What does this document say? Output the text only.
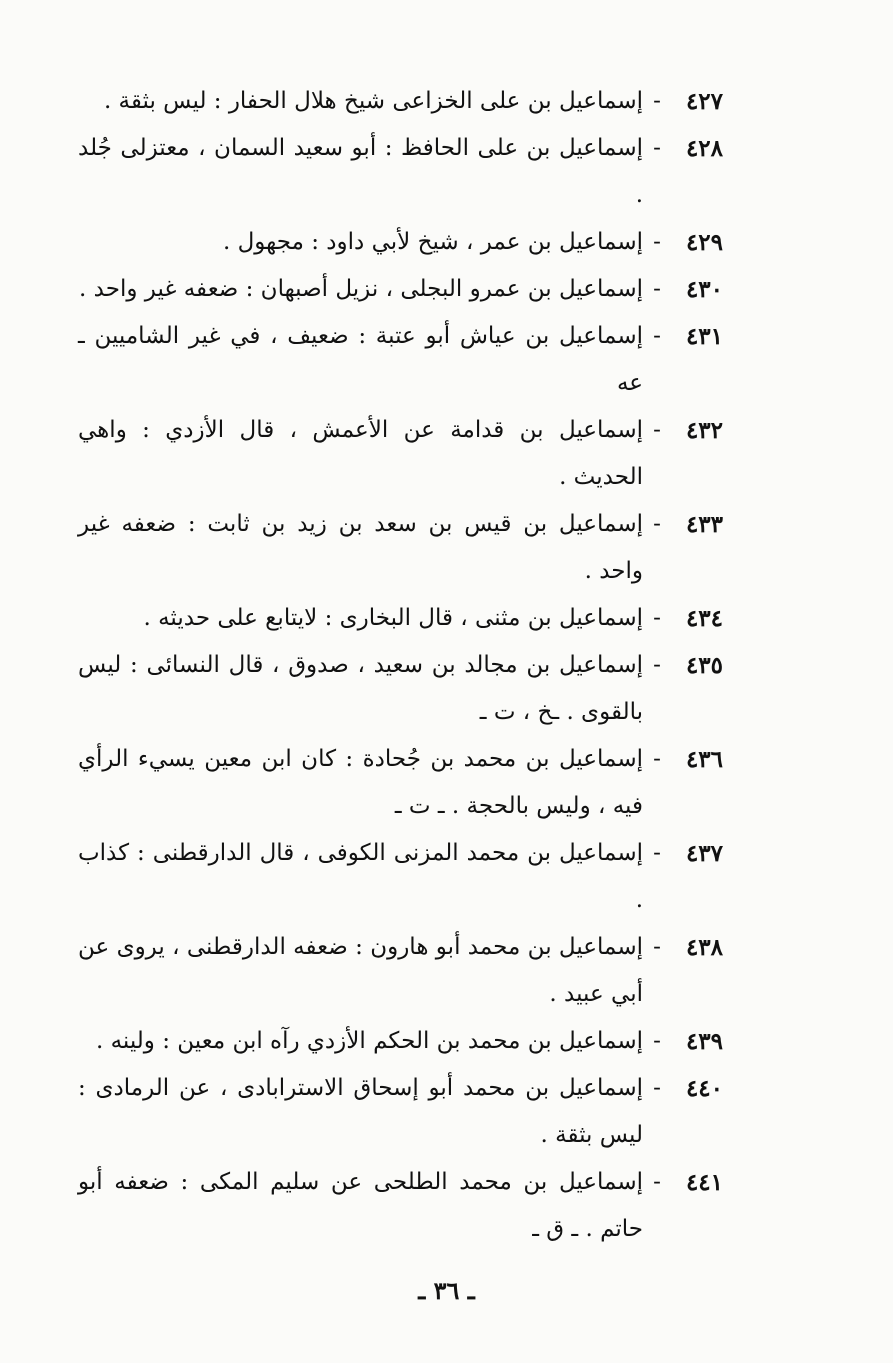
٤٢٧
-
إسماعيل بن على الخزاعى شيخ هلال الحفار : ليس بثقة .
٤٢٨
-
إسماعيل بن على الحافظ : أبو سعيد السمان ، معتزلى جُلد .
٤٢٩
-
إسماعيل بن عمر ، شيخ لأبي داود : مجهول .
٤٣٠
-
إسماعيل بن عمرو البجلى ، نزيل أصبهان : ضعفه غير واحد .
٤٣١
-
إسماعيل بن عياش أبو عتبة : ضعيف ، في غير الشاميين ـ عه
٤٣٢
-
إسماعيل بن قدامة عن الأعمش ، قال الأزدي : واهي الحديث .
٤٣٣
-
إسماعيل بن قيس بن سعد بن زيد بن ثابت : ضعفه غير واحد .
٤٣٤
-
إسماعيل بن مثنى ، قال البخارى : لايتابع على حديثه .
٤٣٥
-
إسماعيل بن مجالد بن سعيد ، صدوق ، قال النسائى : ليس بالقوى . ـخ ، ت ـ
٤٣٦
-
إسماعيل بن محمد بن جُحادة : كان ابن معين يسيء الرأي فيه ، وليس بالحجة . ـ ت ـ
٤٣٧
-
إسماعيل بن محمد المزنى الكوفى ، قال الدارقطنى : كذاب .
٤٣٨
-
إسماعيل بن محمد أبو هارون : ضعفه الدارقطنى ، يروى عن أبي عبيد .
٤٣٩
-
إسماعيل بن محمد بن الحكم الأزدي رآه ابن معين : ولينه .
٤٤٠
-
إسماعيل بن محمد أبو إسحاق الاسترابادى ، عن الرمادى : ليس بثقة .
٤٤١
-
إسماعيل بن محمد الطلحى عن سليم المكى : ضعفه أبو حاتم . ـ ق ـ
ـ ٣٦ ـ
